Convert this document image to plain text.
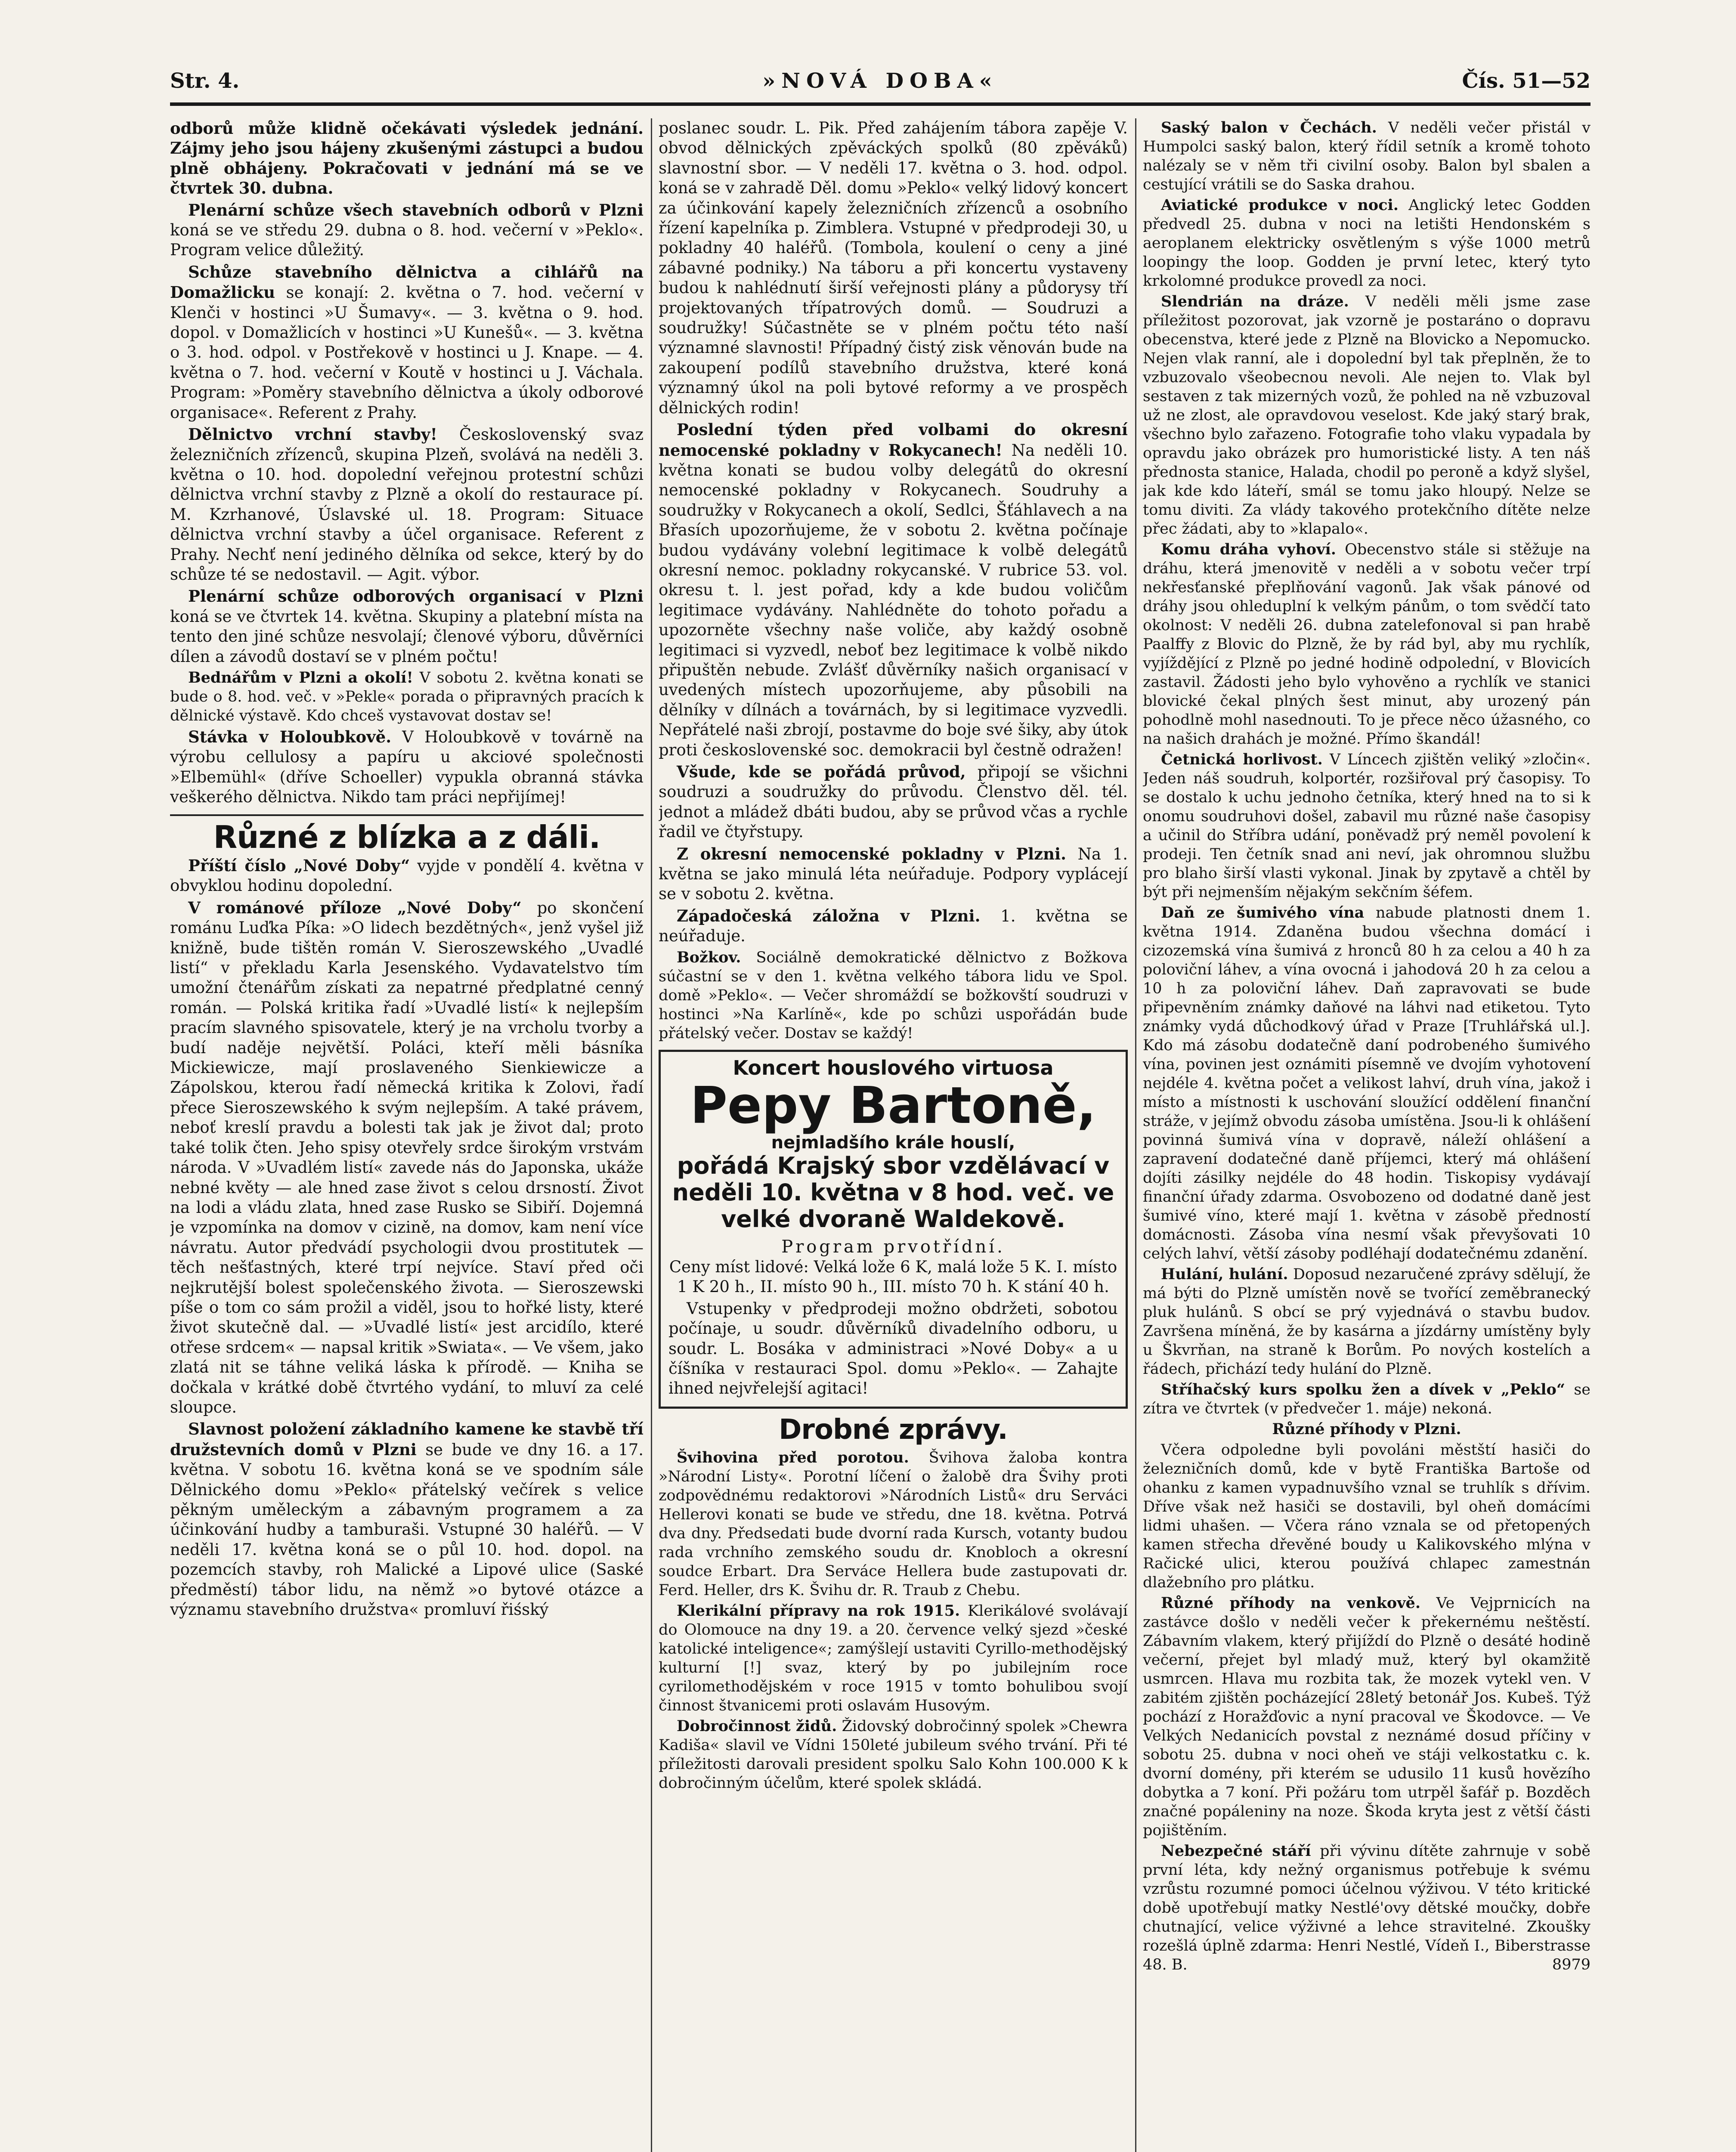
Str. 4.	»NOVÁ DOBA«	Čís. 51—52

odborů může klidně očekávati výsledek jednání. Zájmy jeho jsou hájeny zkušenými zástupci a budou plně obhájeny. Pokračovati v jednání má se ve čtvrtek 30. dubna.

Plenární schůze všech stavebních odborů v Plzni koná se ve středu 29. dubna o 8. hod. večerní v »Peklo«. Program velice důležitý.

Schůze stavebního dělnictva a cihlářů na Domažlicku se konají: 2. května o 7. hod. večerní v Klenči v hostinci »U Šumavy«. — 3. května o 9. hod. dopol. v Domažlicích v hostinci »U Kunešů«. — 3. května o 3. hod. odpol. v Postřekově v hostinci u J. Knape. — 4. května o 7. hod. večerní v Koutě v hostinci u J. Váchala. Program: »Poměry stavebního dělnictva a úkoly odborové organisace«. Referent z Prahy.

Dělnictvo vrchní stavby! Československý svaz železničních zřízenců, skupina Plzeň, svolává na neděli 3. května o 10. hod. dopolední veřejnou protestní schůzi dělnictva vrchní stavby z Plzně a okolí do restaurace pí. M. Kzrhanové, Úslavské ul. 18. Program: Situace dělnictva vrchní stavby a účel organisace. Referent z Prahy. Nechť není jediného dělníka od sekce, který by do schůze té se nedostavil. — Agit. výbor.

Plenární schůze odborových organisací v Plzni koná se ve čtvrtek 14. května. Skupiny a platební místa na tento den jiné schůze nesvolají; členové výboru, důvěrníci dílen a závodů dostaví se v plném počtu!

Bednářům v Plzni a okolí! V sobotu 2. května konati se bude o 8. hod. več. v »Pekle« porada o připravných pracích k dělnické výstavě. Kdo chceš vystavovat dostav se!

Stávka v Holoubkově. V Holoubkově v továrně na výrobu cellulosy a papíru u akciové společnosti »Elbemühl« (dříve Schoeller) vypukla obranná stávka veškerého dělnictva. Nikdo tam práci nepřijímej!

Různé z blízka a z dáli.

Příští číslo „Nové Doby“ vyjde v pondělí 4. května v obvyklou hodinu dopolední.

V románové příloze „Nové Doby“ po skončení románu Luďka Píka: »O lidech bezdětných«, jenž vyšel již knižně, bude tištěn román V. Sieroszewského „Uvadlé listí“ v překladu Karla Jesenského. Vydavatelstvo tím umožní čtenářům získati za nepatrné předplatné cenný román. — Polská kritika řadí »Uvadlé listí« k nejlepším pracím slavného spisovatele, který je na vrcholu tvorby a budí naděje největší. Poláci, kteří měli básníka Mickiewicze, mají proslaveného Sienkiewicze a Zápolskou, kterou řadí německá kritika k Zolovi, řadí přece Sieroszewského k svým nejlepším. A také právem, neboť kreslí pravdu a bolesti tak jak je život dal; proto také tolik čten. Jeho spisy otevřely srdce širokým vrstvám národa. V »Uvadlém listí« zavede nás do Japonska, ukáže nebné květy — ale hned zase život s celou drsností. Život na lodi a vládu zlata, hned zase Rusko se Sibiří. Dojemná je vzpomínka na domov v cizině, na domov, kam není více návratu. Autor předvádí psychologii dvou prostitutek — těch nešťastných, které trpí nejvíce. Staví před oči nejkrutější bolest společenského života. — Sieroszewski píše o tom co sám prožil a viděl, jsou to hořké listy, které život skutečně dal. — »Uvadlé listí« jest arcidílo, které otřese srdcem« — napsal kritik »Swiata«. — Ve všem, jako zlatá nit se táhne veliká láska k přírodě. — Kniha se dočkala v krátké době čtvrtého vydání, to mluví za celé sloupce.

Slavnost položení základního kamene ke stavbě tří družstevních domů v Plzni se bude ve dny 16. a 17. května. V sobotu 16. května koná se ve spodním sále Dělnického domu »Peklo« přátelský večírek s velice pěkným uměleckým a zábavným programem a za účinkování hudby a tamburaši. Vstupné 30 haléřů. — V neděli 17. května koná se o půl 10. hod. dopol. na pozemcích stavby, roh Malické a Lipové ulice (Saské předměstí) tábor lidu, na němž »o bytové otázce a významu stavebního družstva« promluví řiśský

poslanec soudr. L. Pik. Před zahájením tábora zapěje V. obvod dělnických zpěváckých spolků (80 zpěváků) slavnostní sbor. — V neděli 17. května o 3. hod. odpol. koná se v zahradě Děl. domu »Peklo« velký lidový koncert za účinkování kapely železničních zřízenců a osobního řízení kapelníka p. Zimblera. Vstupné v předprodeji 30, u pokladny 40 haléřů. (Tombola, koulení o ceny a jiné zábavné podniky.) Na táboru a při koncertu vystaveny budou k nahlédnutí širší veřejnosti plány a půdorysy tří projektovaných třípatrových domů. — Soudruzi a soudružky! Súčastněte se v plném počtu této naší významné slavnosti! Případný čistý zisk věnován bude na zakoupení podílů stavebního družstva, které koná významný úkol na poli bytové reformy a ve prospěch dělnických rodin!

Poslední týden před volbami do okresní nemocenské pokladny v Rokycanech! Na neděli 10. května konati se budou volby delegátů do okresní nemocenské pokladny v Rokycanech. Soudruhy a soudružky v Rokycanech a okolí, Sedlci, Šťáhlavech a na Břasích upozorňujeme, že v sobotu 2. května počínaje budou vydávány volební legitimace k volbě delegátů okresní nemoc. pokladny rokycanské. V rubrice 53. vol. okresu t. l. jest pořad, kdy a kde budou voličům legitimace vydávány. Nahlédněte do tohoto pořadu a upozorněte všechny naše voliče, aby každý osobně legitimaci si vyzvedl, neboť bez legitimace k volbě nikdo připuštěn nebude. Zvlášť důvěrníky našich organisací v uvedených místech upozorňujeme, aby působili na dělníky v dílnách a továrnách, by si legitimace vyzvedli. Nepřátelé naši zbrojí, postavme do boje své šiky, aby útok proti československé soc. demokracii byl čestně odražen!

Všude, kde se pořádá průvod, připojí se všichni soudruzi a soudružky do průvodu. Členstvo děl. tél. jednot a mládež dbáti budou, aby se průvod včas a rychle řadil ve čtyřstupy.

Z okresní nemocenské pokladny v Plzni. Na 1. května se jako minulá léta neúřaduje. Podpory vyplácejí se v sobotu 2. května.

Západočeská záložna v Plzni. 1. května se neúřaduje.

Božkov. Sociálně demokratické dělnictvo z Božkova súčastní se v den 1. května velkého tábora lidu ve Spol. domě »Peklo«. — Večer shromáždí se božkovští soudruzi v hostinci »Na Karlíně«, kde po schůzi uspořádán bude přátelský večer. Dostav se každý!

Koncert houslového virtuosa
Pepy Bartoně,
nejmladšího krále houslí,
pořádá Krajský sbor vzdělávací v neděli 10. května v 8 hod. več. ve velké dvoraně Waldekově.
Program prvotřídní.

Ceny míst lidové: Velká lože 6 K, malá lože 5 K. I. místo 1 K 20 h., II. místo 90 h., III. místo 70 h. K stání 40 h.

Vstupenky v předprodeji možno obdržeti, sobotou počínaje, u soudr. důvěrníků divadelního odboru, u soudr. L. Bosáka v administraci »Nové Doby« a u číšníka v restauraci Spol. domu »Peklo«. — Zahajte ihned nejvřelejší agitaci!

Drobné zprávy.

Švihovina před porotou. Švihova žaloba kontra »Národní Listy«. Porotní líčení o žalobě dra Švihy proti zodpovědnému redaktorovi »Národních Listů« dru Serváci Hellerovi konati se bude ve středu, dne 18. května. Potrvá dva dny. Předsedati bude dvorní rada Kursch, votanty budou rada vrchního zemského soudu dr. Knobloch a okresní soudce Erbart. Dra Serváce Hellera bude zastupovati dr. Ferd. Heller, drs K. Švihu dr. R. Traub z Chebu.

Klerikální přípravy na rok 1915. Klerikálové svolávají do Olomouce na dny 19. a 20. července velký sjezd »české katolické inteligence«; zamýšlejí ustaviti Cyrillo-methodějský kulturní [!] svaz, který by po jubilejním roce cyrilomethodějském v roce 1915 v tomto bohulibou svojí činnost štvanicemi proti oslavám Husovým.

Dobročinnost židů. Židovský dobročinný spolek »Chewra Kadiša« slavil ve Vídni 150leté jubileum svého trvání. Při té příležitosti darovali president spolku Salo Kohn 100.000 K k dobročinným účelům, které spolek skládá.

Saský balon v Čechách. V neděli večer přistál v Humpolci saský balon, který řídil setník a kromě tohoto nalézaly se v něm tři civilní osoby. Balon byl sbalen a cestující vrátili se do Saska drahou.

Aviatické produkce v noci. Anglický letec Godden předvedl 25. dubna v noci na letišti Hendonském s aeroplanem elektricky osvětleným s výše 1000 metrů loopingy the loop. Godden je první letec, který tyto krkolomné produkce provedl za noci.

Slendrián na dráze. V neděli měli jsme zase příležitost pozorovat, jak vzorně je postaráno o dopravu obecenstva, které jede z Plzně na Blovicko a Nepomucko. Nejen vlak ranní, ale i dopolední byl tak přeplněn, že to vzbuzovalo všeobecnou nevoli. Ale nejen to. Vlak byl sestaven z tak mizerných vozů, že pohled na ně vzbuzoval už ne zlost, ale opravdovou veselost. Kde jaký starý brak, všechno bylo zařazeno. Fotografie toho vlaku vypadala by opravdu jako obrázek pro humoristické listy. A ten náš přednosta stanice, Halada, chodil po peroně a když slyšel, jak kde kdo láteří, smál se tomu jako hloupý. Nelze se tomu diviti. Za vlády takového protekčního dítěte nelze přec žádati, aby to »klapalo«.

Komu dráha vyhoví. Obecenstvo stále si stěžuje na dráhu, která jmenovitě v neděli a v sobotu večer trpí nekřesťanské přeplňování vagonů. Jak však pánové od dráhy jsou ohleduplní k velkým pánům, o tom svědčí tato okolnost: V neděli 26. dubna zatelefonoval si pan hrabě Paalffy z Blovic do Plzně, že by rád byl, aby mu rychlík, vyjíždějící z Plzně po jedné hodině odpolední, v Blovicích zastavil. Žádosti jeho bylo vyhověno a rychlík ve stanici blovické čekal plných šest minut, aby urozený pán pohodlně mohl nasednouti. To je přece něco úžasného, co na našich drahách je možné. Přímo škandál!

Četnická horlivost. V Líncech zjištěn veliký »zločin«. Jeden náš soudruh, kolportér, rozšiřoval prý časopisy. To se dostalo k uchu jednoho četníka, který hned na to si k onomu soudruhovi došel, zabavil mu různé naše časopisy a učinil do Stříbra udání, poněvadž prý neměl povolení k prodeji. Ten četník snad ani neví, jak ohromnou službu pro blaho širší vlasti vykonal. Jinak by zpytavě a chtěl by být při nejmenším nějakým sekčním šéfem.

Daň ze šumivého vína nabude platnosti dnem 1. května 1914. Zdaněna budou všechna domácí i cizozemská vína šumivá z hronců 80 h za celou a 40 h za poloviční láhev, a vína ovocná i jahodová 20 h za celou a 10 h za poloviční láhev. Daň zapravovati se bude připevněním známky daňové na láhvi nad etiketou. Tyto známky vydá důchodkový úřad v Praze [Truhlářská ul.]. Kdo má zásobu dodatečně daní podrobeného šumivého vína, povinen jest oznámiti písemně ve dvojím vyhotovení nejdéle 4. května počet a velikost lahví, druh vína, jakož i místo a místnosti k uschování sloužící oddělení finanční stráže, v jejímž obvodu zásoba umístěna. Jsou-li k ohlášení povinná šumivá vína v dopravě, náleží ohlášení a zapravení dodatečné daně příjemci, který má ohlášení dojíti zásilky nejdéle do 48 hodin. Tiskopisy vydávají finanční úřady zdarma. Osvobozeno od dodatné daně jest šumivé víno, které mají 1. května v zásobě předností domácnosti. Zásoba vína nesmí však převyšovati 10 celých lahví, větší zásoby podléhají dodatečnému zdanění.

Hulání, hulání. Doposud nezaručené zprávy sdělují, že má býti do Plzně umístěn nově se tvořící zeměbranecký pluk hulánů. S obcí se prý vyjednává o stavbu budov. Završena míněná, že by kasárna a jízdárny umístěny byly u Škvrňan, na straně k Borům. Po nových kostelích a řádech, přichází tedy hulání do Plzně.

Stříhačský kurs spolku žen a dívek v „Peklo“ se zítra ve čtvrtek (v předvečer 1. máje) nekoná.

Různé příhody v Plzni.

Včera odpoledne byli povoláni městští hasiči do železničních domů, kde v bytě Františka Bartoše od ohanku z kamen vypadnuvšího vznal se truhlík s dřívim. Dříve však než hasiči se dostavili, byl oheň domácími lidmi uhašen. — Včera ráno vznala se od přetopených kamen střecha dřevěné boudy u Kalikovského mlýna v Račické ulici, kterou používá chlapec zamestnán dlažebního pro plátku.

Různé příhody na venkově. Ve Vejprnicích na zastávce došlo v neděli večer k překernému neštěstí. Zábavním vlakem, který přijíždí do Plzně o desáté hodině večerní, přejet byl mladý muž, který byl okamžitě usmrcen. Hlava mu rozbita tak, že mozek vytekl ven. V zabitém zjištěn pocházející 28letý betonář Jos. Kubeš. Týž pochází z Horažďovic a nyní pracoval ve Škodovce. — Ve Velkých Nedanicích povstal z neznámé dosud příčiny v sobotu 25. dubna v noci oheň ve stáji velkostatku c. k. dvorní domény, při kterém se udusilo 11 kusů hovězího dobytka a 7 koní. Při požáru tom utrpěl šafář p. Bozděch značné popáleniny na noze. Škoda kryta jest z větší části pojištěním.

Nebezpečné stáří při vývinu dítěte zahrnuje v sobě první léta, kdy nežný organismus potřebuje k svému vzrůstu rozumné pomoci účelnou výživou. V této kritické době upotřebují matky Nestlé'ovy dětské moučky, dobře chutnající, velice výživné a lehce stravitelné. Zkoušky rozešlá úplně zdarma: Henri Nestlé, Vídeň I., Biberstrasse 48. B.	8979
